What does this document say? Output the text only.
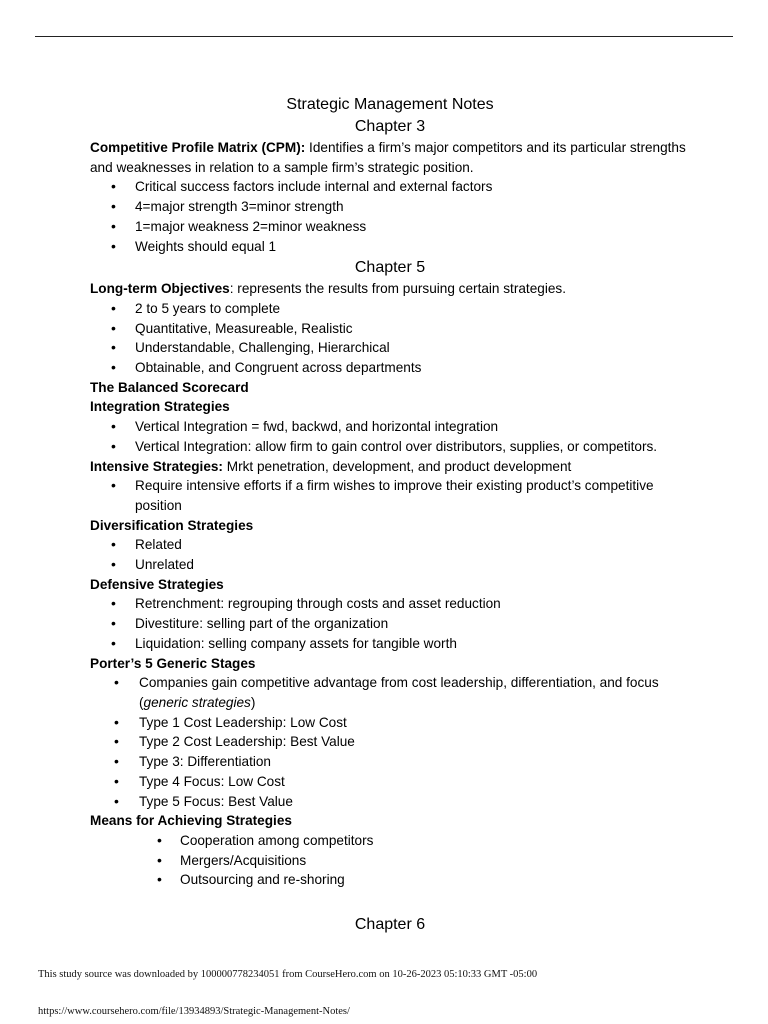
Strategic Management Notes
Chapter 3
Competitive Profile Matrix (CPM): Identifies a firm’s major competitors and its particular strengths and weaknesses in relation to a sample firm’s strategic position.
• Critical success factors include internal and external factors
• 4=major strength 3=minor strength
• 1=major weakness 2=minor weakness
• Weights should equal 1
Chapter 5
Long-term Objectives: represents the results from pursuing certain strategies.
• 2 to 5 years to complete
• Quantitative, Measureable, Realistic
• Understandable, Challenging, Hierarchical
• Obtainable, and Congruent across departments
The Balanced Scorecard
Integration Strategies
• Vertical Integration = fwd, backwd, and horizontal integration
• Vertical Integration: allow firm to gain control over distributors, supplies, or competitors.
Intensive Strategies: Mrkt penetration, development, and product development
• Require intensive efforts if a firm wishes to improve their existing product’s competitive position
Diversification Strategies
• Related
• Unrelated
Defensive Strategies
• Retrenchment: regrouping through costs and asset reduction
• Divestiture: selling part of the organization
• Liquidation: selling company assets for tangible worth
Porter’s 5 Generic Stages
• Companies gain competitive advantage from cost leadership, differentiation, and focus (generic strategies)
• Type 1 Cost Leadership: Low Cost
• Type 2 Cost Leadership: Best Value
• Type 3: Differentiation
• Type 4 Focus: Low Cost
• Type 5 Focus: Best Value
Means for Achieving Strategies
• Cooperation among competitors
• Mergers/Acquisitions
• Outsourcing and re-shoring
Chapter 6
This study source was downloaded by 100000778234051 from CourseHero.com on 10-26-2023 05:10:33 GMT -05:00
https://www.coursehero.com/file/13934893/Strategic-Management-Notes/
